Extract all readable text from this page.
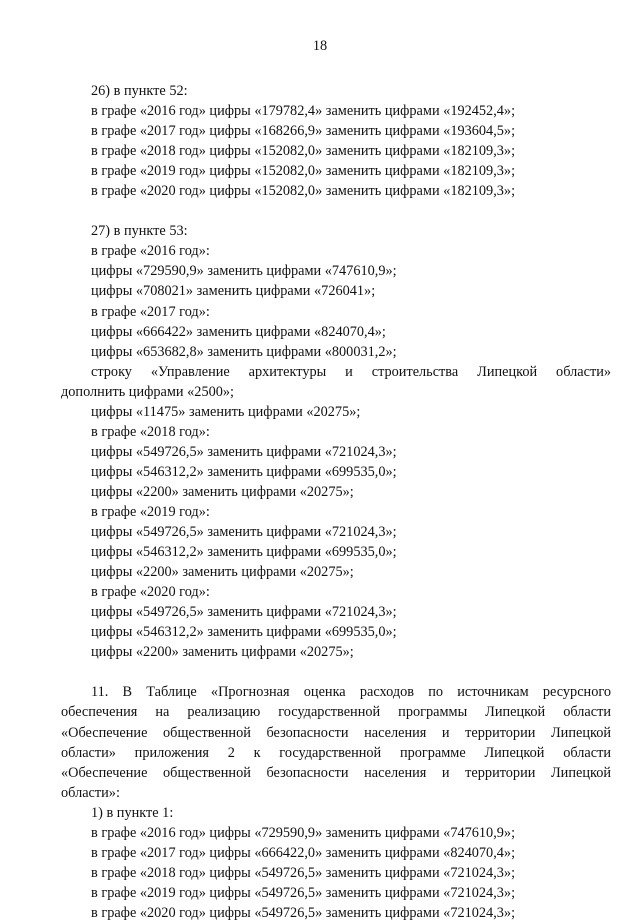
18
26) в пункте 52:
в графе «2016 год» цифры «179782,4» заменить цифрами «192452,4»;
в графе «2017 год» цифры «168266,9» заменить цифрами «193604,5»;
в графе «2018 год» цифры «152082,0» заменить цифрами «182109,3»;
в графе «2019 год» цифры «152082,0» заменить цифрами «182109,3»;
в графе «2020 год» цифры «152082,0» заменить цифрами «182109,3»;
27) в пункте 53:
в графе «2016 год»:
цифры «729590,9» заменить цифрами «747610,9»;
цифры «708021» заменить цифрами «726041»;
в графе «2017 год»:
цифры «666422» заменить цифрами «824070,4»;
цифры «653682,8» заменить цифрами «800031,2»;
строку «Управление архитектуры и строительства Липецкой области»
дополнить цифрами «2500»;
цифры «11475» заменить цифрами «20275»;
в графе «2018 год»:
цифры «549726,5» заменить цифрами «721024,3»;
цифры «546312,2» заменить цифрами «699535,0»;
цифры «2200» заменить цифрами «20275»;
в графе «2019 год»:
цифры «549726,5» заменить цифрами «721024,3»;
цифры «546312,2» заменить цифрами «699535,0»;
цифры «2200» заменить цифрами «20275»;
в графе «2020 год»:
цифры «549726,5» заменить цифрами «721024,3»;
цифры «546312,2» заменить цифрами «699535,0»;
цифры «2200» заменить цифрами «20275»;
11. В Таблице «Прогнозная оценка расходов по источникам ресурсного
обеспечения на реализацию государственной программы Липецкой области
«Обеспечение общественной безопасности населения и территории Липецкой
области» приложения 2 к государственной программе Липецкой области
«Обеспечение общественной безопасности населения и территории Липецкой
области»:
1) в пункте 1:
в графе «2016 год» цифры «729590,9» заменить цифрами «747610,9»;
в графе «2017 год» цифры «666422,0» заменить цифрами «824070,4»;
в графе «2018 год» цифры «549726,5» заменить цифрами «721024,3»;
в графе «2019 год» цифры «549726,5» заменить цифрами «721024,3»;
в графе «2020 год» цифры «549726,5» заменить цифрами «721024,3»;
